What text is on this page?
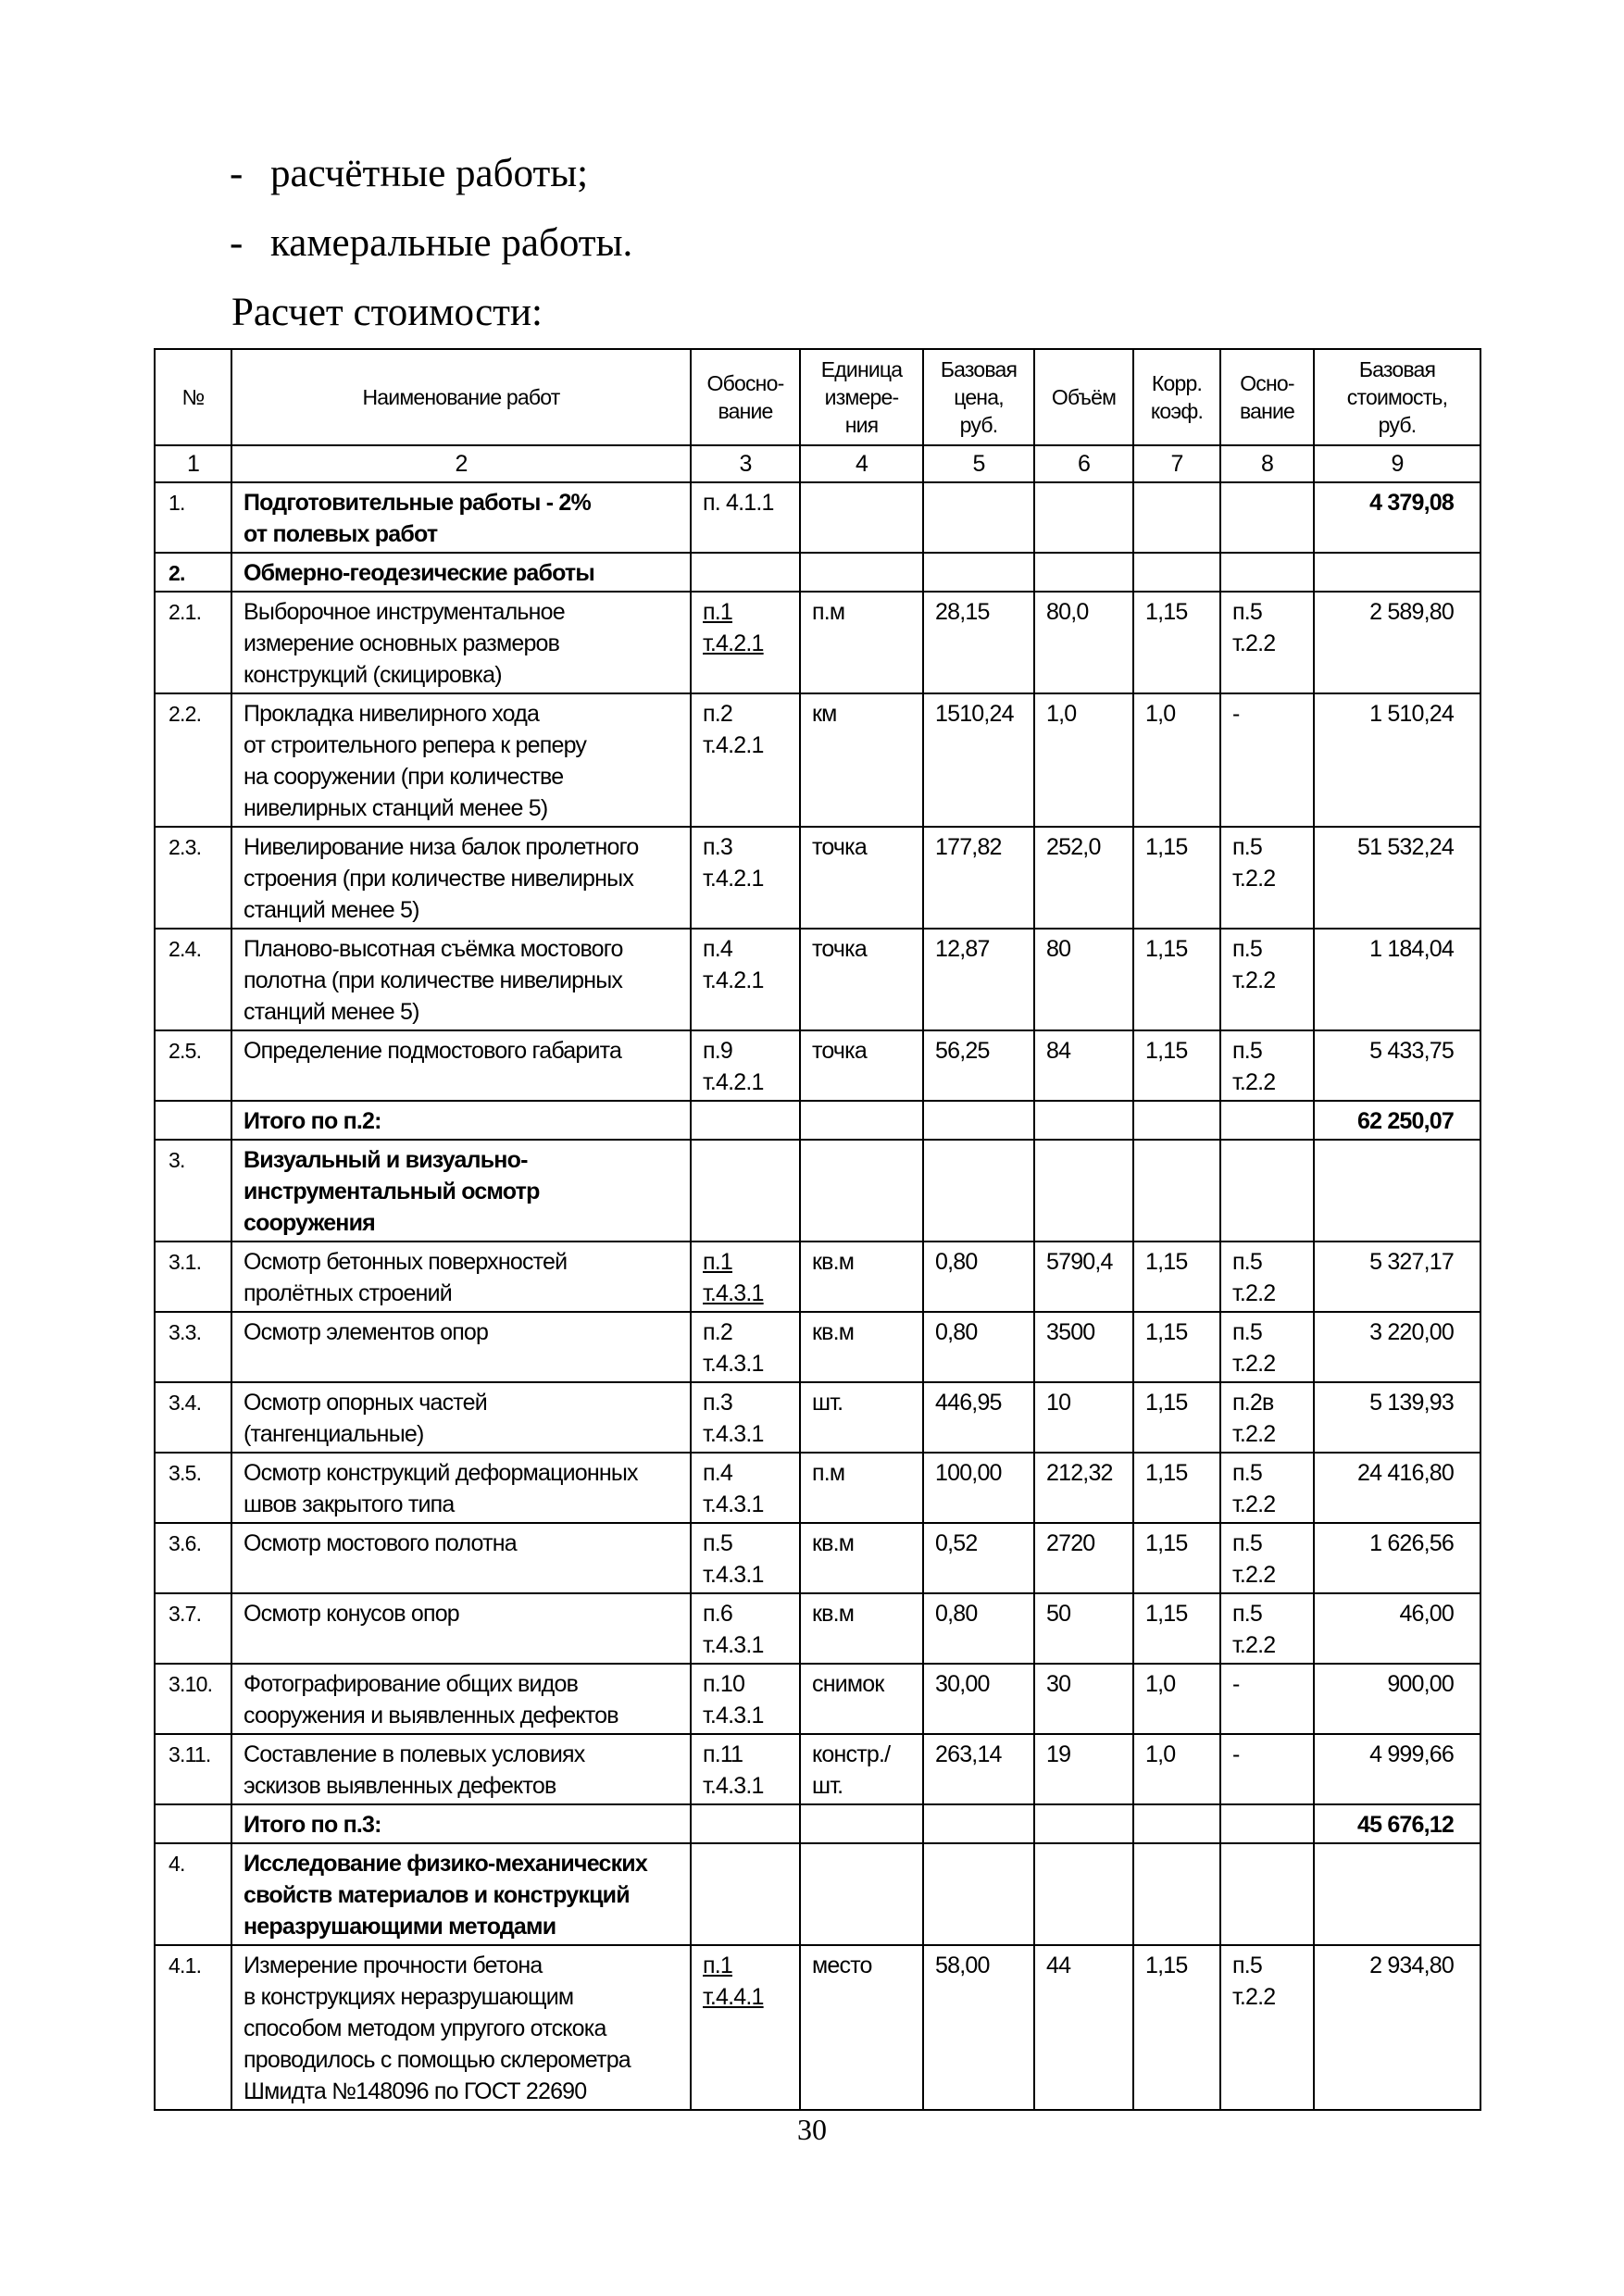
- расчётные работы;
- камеральные работы.
Расчет стоимости:
№	Наименование работ	Обосно-
вание	Единица
измере-
ния	Базовая
цена,
руб.	Объём	Корр.
коэф.	Осно-
вание	Базовая
стоимость,
руб.

1	2	3	4	5	6	7	8	9
1.	Подготовительные работы - 2%
от полевых работ	п. 4.1.1						4 379,08
2.	Обмерно-геодезические работы							

2.1.	Выборочное инструментальное
измерение основных размеров
конструкций (скицировка)	п.1
т.4.2.1	п.м	28,15	80,0	1,15	п.5
т.2.2	2 589,80
2.2.	Прокладка нивелирного хода
от строительного репера к реперу
на сооружении (при количестве
нивелирных станций менее 5)	п.2
т.4.2.1	км	1510,24	1,0	1,0	-	1 510,24
2.3.	Нивелирование низа балок пролетного
строения (при количестве нивелирных
станций менее 5)	п.3
т.4.2.1	точка	177,82	252,0	1,15	п.5
т.2.2	51 532,24
2.4.	Планово-высотная съёмка мостового
полотна (при количестве нивелирных
станций менее 5)	п.4
т.4.2.1	точка	12,87	80	1,15	п.5
т.2.2	1 184,04
2.5.	Определение подмостового габарита	п.9
т.4.2.1	точка	56,25	84	1,15	п.5
т.2.2	5 433,75

	Итого по п.2:							62 250,07
3.	Визуальный и визуально-
инструментальный осмотр
сооружения							

3.1.	Осмотр бетонных поверхностей
пролётных строений	п.1
т.4.3.1	кв.м	0,80	5790,4	1,15	п.5
т.2.2	5 327,17
3.3.	Осмотр элементов опор	п.2
т.4.3.1	кв.м	0,80	3500	1,15	п.5
т.2.2	3 220,00
3.4.	Осмотр опорных частей
(тангенциальные)	п.3
т.4.3.1	шт.	446,95	10	1,15	п.2в
т.2.2	5 139,93
3.5.	Осмотр конструкций деформационных
швов закрытого типа	п.4
т.4.3.1	п.м	100,00	212,32	1,15	п.5
т.2.2	24 416,80
3.6.	Осмотр мостового полотна	п.5
т.4.3.1	кв.м	0,52	2720	1,15	п.5
т.2.2	1 626,56
3.7.	Осмотр конусов опор	п.6
т.4.3.1	кв.м	0,80	50	1,15	п.5
т.2.2	46,00
3.10.	Фотографирование общих видов
сооружения и выявленных дефектов	п.10
т.4.3.1	снимок	30,00	30	1,0	-	900,00
3.11.	Составление в полевых условиях
эскизов выявленных дефектов	п.11
т.4.3.1	констр./
шт.	263,14	19	1,0	-	4 999,66

	Итого по п.3:							45 676,12
4.	Исследование физико-механических
свойств материалов и конструкций
неразрушающими методами							

4.1.	Измерение прочности бетона
в конструкциях неразрушающим
способом методом упругого отскока
проводилось с помощью склерометра
Шмидта №148096 по ГОСТ 22690	п.1
т.4.4.1	место	58,00	44	1,15	п.5
т.2.2	2 934,80
30
